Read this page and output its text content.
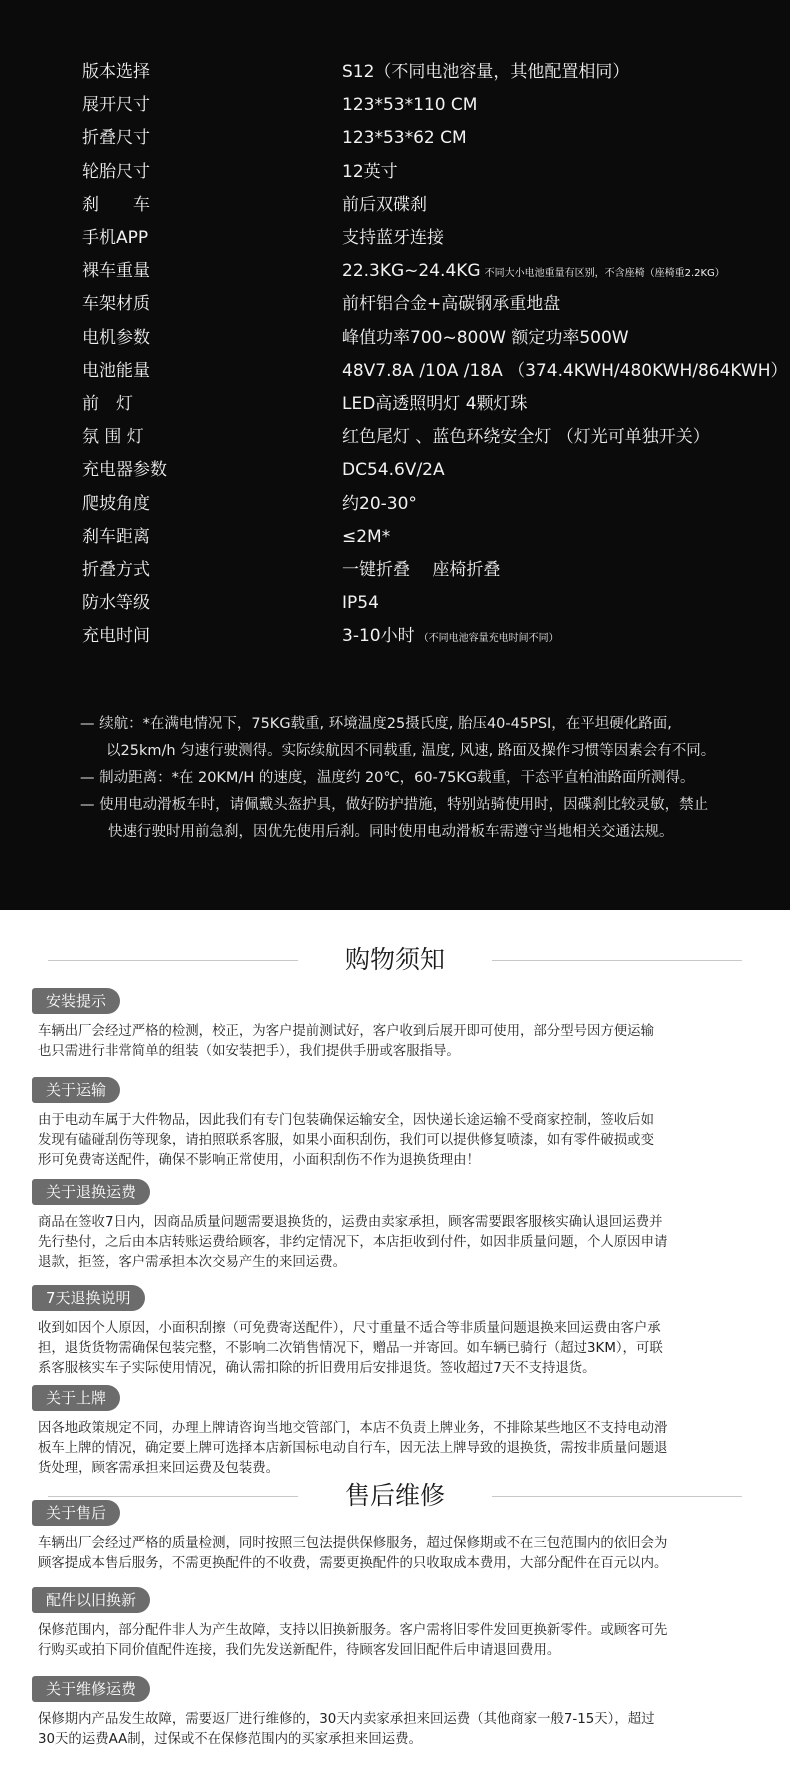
版本选择	S12（不同电池容量，其他配置相同）
展开尺寸	123*53*110 CM
折叠尺寸	123*53*62 CM
轮胎尺寸	12英寸
刹　　车	前后双碟刹
手机APP	支持蓝牙连接
裸车重量	22.3KG~24.4KG 不同大小电池重量有区别，不含座椅（座椅重2.2KG）
车架材质	前杆铝合金+高碳钢承重地盘
电机参数	峰值功率700~800W 额定功率500W
电池能量	48V7.8A /10A /18A （374.4KWH/480KWH/864KWH）
前　灯	LED高透照明灯 4颗灯珠
氛 围 灯	红色尾灯 、蓝色环绕安全灯 （灯光可单独开关）
充电器参数	DC54.6V/2A
爬坡角度	约20-30°
刹车距离	≤2M*
折叠方式	一键折叠　 座椅折叠
防水等级	IP54
充电时间	3-10小时 （不同电池容量充电时间不同）
— 续航：*在满电情况下，75KG载重, 环境温度25摄氏度, 胎压40-45PSI，在平坦硬化路面,
以25km/h 匀速行驶测得。实际续航因不同载重, 温度, 风速, 路面及操作习惯等因素会有不同。
— 制动距离：*在 20KM/H 的速度，温度约 20℃，60-75KG载重，干态平直柏油路面所测得。
— 使用电动滑板车时，请佩戴头盔护具，做好防护措施，特别站骑使用时，因碟刹比较灵敏，禁止
快速行驶时用前急刹，因优先使用后刹。同时使用电动滑板车需遵守当地相关交通法规。
购物须知
安装提示
车辆出厂会经过严格的检测，校正，为客户提前测试好，客户收到后展开即可使用，部分型号因方便运输
也只需进行非常简单的组装（如安装把手），我们提供手册或客服指导。
关于运输
由于电动车属于大件物品，因此我们有专门包装确保运输安全，因快递长途运输不受商家控制，签收后如
发现有磕碰刮伤等现象，请拍照联系客服，如果小面积刮伤，我们可以提供修复喷漆，如有零件破损或变
形可免费寄送配件，确保不影响正常使用，小面积刮伤不作为退换货理由！
关于退换运费
商品在签收7日内，因商品质量问题需要退换货的，运费由卖家承担，顾客需要跟客服核实确认退回运费并
先行垫付，之后由本店转账运费给顾客，非约定情况下，本店拒收到付件，如因非质量问题，个人原因申请
退款，拒签，客户需承担本次交易产生的来回运费。
7天退换说明
收到如因个人原因，小面积刮擦（可免费寄送配件），尺寸重量不适合等非质量问题退换来回运费由客户承
担，退货货物需确保包装完整，不影响二次销售情况下，赠品一并寄回。如车辆已骑行（超过3KM），可联
系客服核实车子实际使用情况，确认需扣除的折旧费用后安排退货。签收超过7天不支持退货。
关于上牌
因各地政策规定不同，办理上牌请咨询当地交管部门，本店不负责上牌业务，不排除某些地区不支持电动滑
板车上牌的情况，确定要上牌可选择本店新国标电动自行车，因无法上牌导致的退换货，需按非质量问题退
货处理，顾客需承担来回运费及包装费。
售后维修
关于售后
车辆出厂会经过严格的质量检测，同时按照三包法提供保修服务，超过保修期或不在三包范围内的依旧会为
顾客提成本售后服务，不需更换配件的不收费，需要更换配件的只收取成本费用，大部分配件在百元以内。
配件以旧换新
保修范围内，部分配件非人为产生故障，支持以旧换新服务。客户需将旧零件发回更换新零件。或顾客可先
行购买或拍下同价值配件连接，我们先发送新配件，待顾客发回旧配件后申请退回费用。
关于维修运费
保修期内产品发生故障，需要返厂进行维修的，30天内卖家承担来回运费（其他商家一般7-15天），超过
30天的运费AA制，过保或不在保修范围内的买家承担来回运费。
